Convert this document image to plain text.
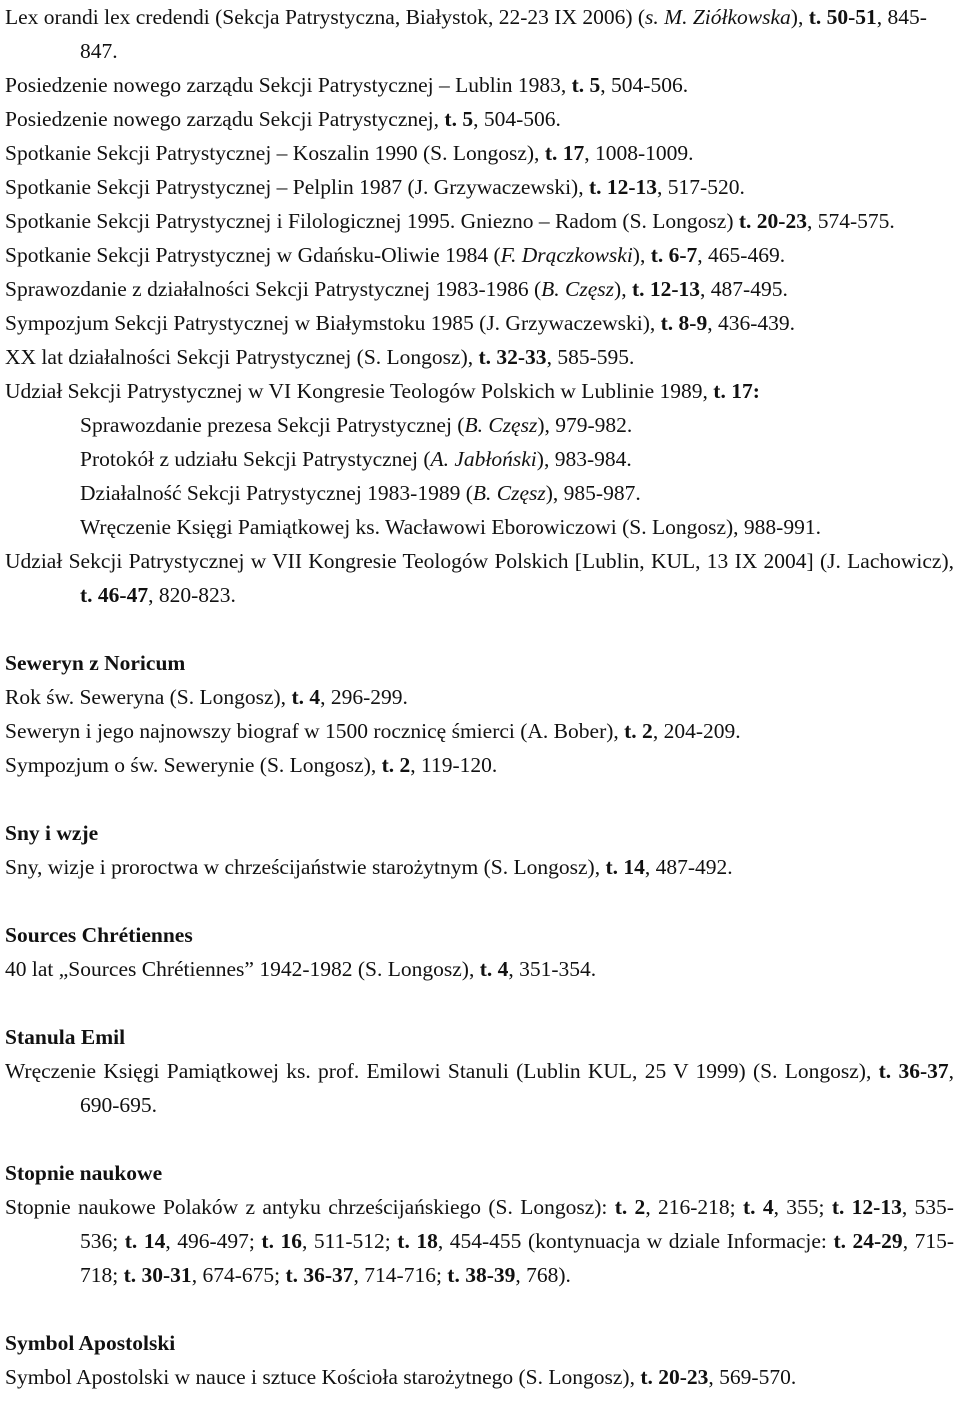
Lex orandi lex credendi (Sekcja Patrystyczna, Białystok, 22-23 IX 2006) (s. M. Ziółkowska), t. 50-51, 845-847.

Posiedzenie nowego zarządu Sekcji Patrystycznej – Lublin 1983, t. 5, 504-506.

Posiedzenie nowego zarządu Sekcji Patrystycznej, t. 5, 504-506.

Spotkanie Sekcji Patrystycznej – Koszalin 1990 (S. Longosz), t. 17, 1008-1009.

Spotkanie Sekcji Patrystycznej – Pelplin 1987 (J. Grzywaczewski), t. 12-13, 517-520.

Spotkanie Sekcji Patrystycznej i Filologicznej 1995. Gniezno – Radom (S. Longosz) t. 20-23, 574-575.

Spotkanie Sekcji Patrystycznej w Gdańsku-Oliwie 1984 (F. Drączkowski), t. 6-7, 465-469.

Sprawozdanie z działalności Sekcji Patrystycznej 1983-1986 (B. Częsz), t. 12-13, 487-495.

Sympozjum Sekcji Patrystycznej w Białymstoku 1985 (J. Grzywaczewski), t. 8-9, 436-439.

XX lat działalności Sekcji Patrystycznej (S. Longosz), t. 32-33, 585-595.

Udział Sekcji Patrystycznej w VI Kongresie Teologów Polskich w Lublinie 1989, t. 17:

Sprawozdanie prezesa Sekcji Patrystycznej (B. Częsz), 979-982.

Protokół z udziału Sekcji Patrystycznej (A. Jabłoński), 983-984.

Działalność Sekcji Patrystycznej 1983-1989 (B. Częsz), 985-987.

Wręczenie Księgi Pamiątkowej ks. Wacławowi Eborowiczowi (S. Longosz), 988-991.

Udział Sekcji Patrystycznej w VII Kongresie Teologów Polskich [Lublin, KUL, 13 IX 2004] (J. Lachowicz), t. 46-47, 820-823.

Seweryn z Noricum

Rok św. Seweryna (S. Longosz), t. 4, 296-299.

Seweryn i jego najnowszy biograf w 1500 rocznicę śmierci (A. Bober), t. 2, 204-209.

Sympozjum o św. Sewerynie (S. Longosz), t. 2, 119-120.

Sny i wzje

Sny, wizje i proroctwa w chrześcijaństwie starożytnym (S. Longosz), t. 14, 487-492.

Sources Chrétiennes

40 lat „Sources Chrétiennes” 1942-1982 (S. Longosz), t. 4, 351-354.

Stanula Emil

Wręczenie Księgi Pamiątkowej ks. prof. Emilowi Stanuli (Lublin KUL, 25 V 1999) (S. Longosz), t. 36-37, 690-695.

Stopnie naukowe

Stopnie naukowe Polaków z antyku chrześcijańskiego (S. Longosz): t. 2, 216-218; t. 4, 355; t. 12-13, 535-536; t. 14, 496-497; t. 16, 511-512; t. 18, 454-455 (kontynuacja w dziale Informacje: t. 24-29, 715-718; t. 30-31, 674-675; t. 36-37, 714-716; t. 38-39, 768).

Symbol Apostolski

Symbol Apostolski w nauce i sztuce Kościoła starożytnego (S. Longosz), t. 20-23, 569-570.
